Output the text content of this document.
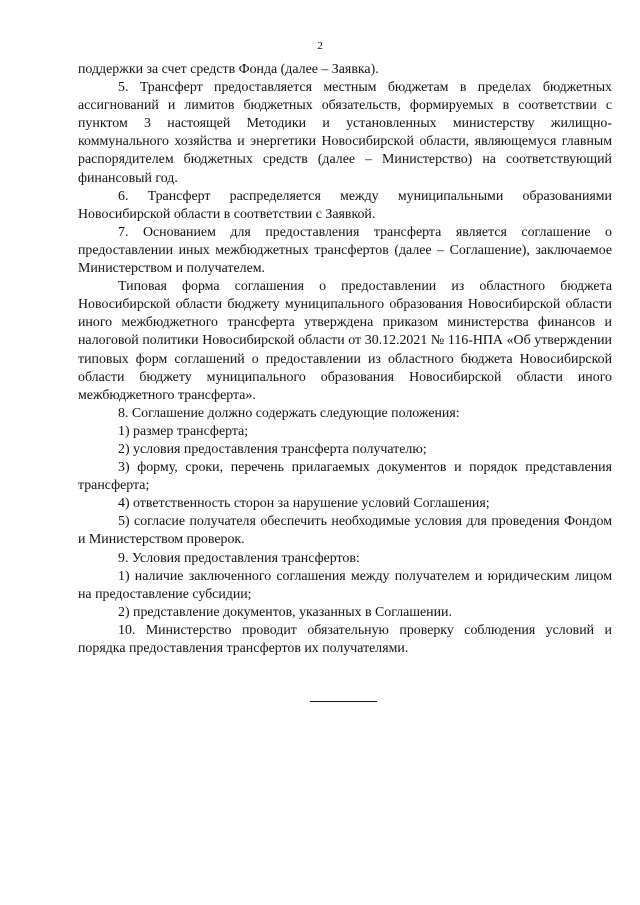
2

поддержки за счет средств Фонда (далее – Заявка).

5. Трансферт предоставляется местным бюджетам в пределах бюджетных ассигнований и лимитов бюджетных обязательств, формируемых в соответствии с пунктом 3 настоящей Методики и установленных министерству жилищно-коммунального хозяйства и энергетики Новосибирской области, являющемуся главным распорядителем бюджетных средств (далее – Министерство) на соответствующий финансовый год.

6. Трансферт распределяется между муниципальными образованиями Новосибирской области в соответствии с Заявкой.

7. Основанием для предоставления трансферта является соглашение о предоставлении иных межбюджетных трансфертов (далее – Соглашение), заключаемое Министерством и получателем.

Типовая форма соглашения о предоставлении из областного бюджета Новосибирской области бюджету муниципального образования Новосибирской области иного межбюджетного трансферта утверждена приказом министерства финансов и налоговой политики Новосибирской области от 30.12.2021 № 116-НПА «Об утверждении типовых форм соглашений о предоставлении из областного бюджета Новосибирской области бюджету муниципального образования Новосибирской области иного межбюджетного трансферта».

8. Соглашение должно содержать следующие положения:

1) размер трансферта;

2) условия предоставления трансферта получателю;

3) форму, сроки, перечень прилагаемых документов и порядок представления трансферта;

4) ответственность сторон за нарушение условий Соглашения;

5) согласие получателя обеспечить необходимые условия для проведения Фондом и Министерством проверок.

9. Условия предоставления трансфертов:

1) наличие заключенного соглашения между получателем и юридическим лицом на предоставление субсидии;

2) представление документов, указанных в Соглашении.

10. Министерство проводит обязательную проверку соблюдения условий и порядка предоставления трансфертов их получателями.
